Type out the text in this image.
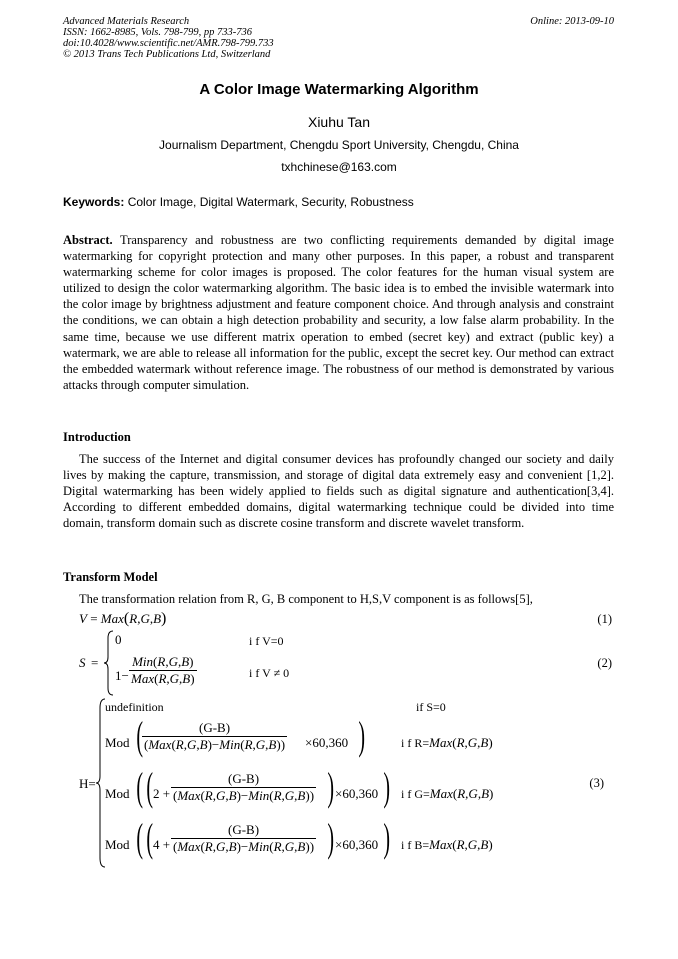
Advanced Materials Research
ISSN: 1662-8985, Vols. 798-799, pp 733-736
doi:10.4028/www.scientific.net/AMR.798-799.733
© 2013 Trans Tech Publications Ltd, Switzerland
Online: 2013-09-10
A Color Image Watermarking Algorithm
Xiuhu Tan
Journalism Department, Chengdu Sport University, Chengdu, China
txhchinese@163.com
Keywords: Color Image, Digital Watermark, Security, Robustness
Abstract. Transparency and robustness are two conflicting requirements demanded by digital image watermarking for copyright protection and many other purposes. In this paper, a robust and transparent watermarking scheme for color images is proposed. The color features for the human visual system are utilized to design the color watermarking algorithm. The basic idea is to embed the invisible watermark into the color image by brightness adjustment and feature component choice. And through analysis and constraint the conditions, we can obtain a high detection probability and security, a low false alarm probability. In the same time, because we use different matrix operation to embed (secret key) and extract (public key) a watermark, we are able to release all information for the public, except the secret key. Our method can extract the embedded watermark without reference image. The robustness of our method is demonstrated by various attacks through computer simulation.
Introduction
The success of the Internet and digital consumer devices has profoundly changed our society and daily lives by making the capture, transmission, and storage of digital data extremely easy and convenient [1,2]. Digital watermarking has been widely applied to fields such as digital signature and authentication[3,4]. According to different embedded domains, digital watermarking technique could be divided into time domain, transform domain such as discrete cosine transform and discrete wavelet transform.
Transform Model
The transformation relation from R, G, B component to H,S,V component is as follows[5],
V = Max(R,G,B)	(1)
S =
0
1−
Min(R,G,B)
Max(R,G,B)
i f V=0
i f V ≠ 0
(2)
H=
undefinition	if S=0
Mod (	(G-B)
(Max(R,G,B)−Min(R,G,B)) ×60,360 )	i f R=Max(R,G,B)
Mod ( ( 2 +
(G-B)
(Max(R,G,B)−Min(R,G,B)) ) ×60,360 ) i f G=Max(R,G,B)
Mod ( ( 4 +
(G-B)
(Max(R,G,B)−Min(R,G,B)) ) ×60,360 ) i f B=Max(R,G,B)
(3)
